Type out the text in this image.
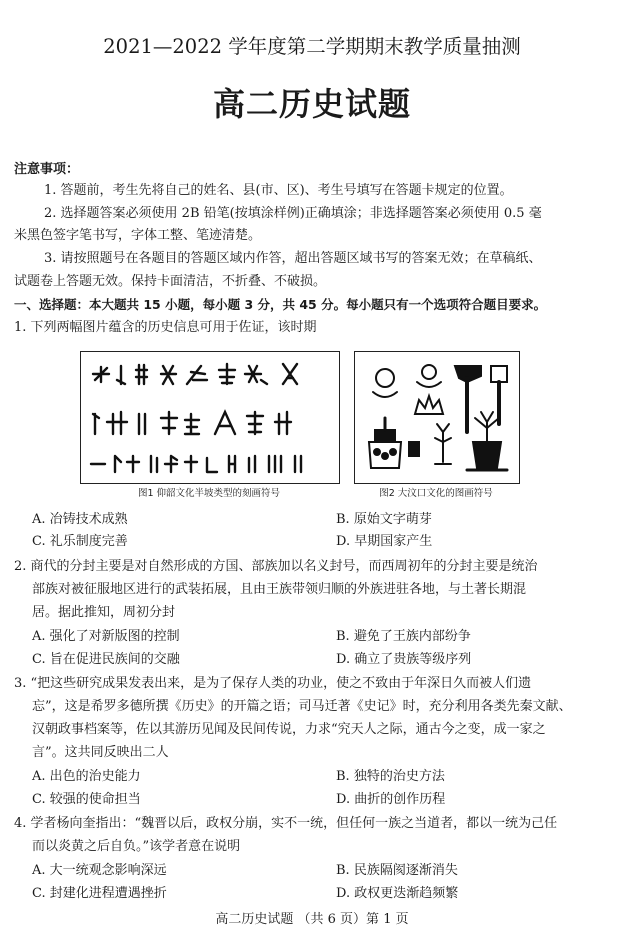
2021—2022 学年度第二学期期末教学质量抽测
高二历史试题
注意事项：
1. 答题前，考生先将自己的姓名、县(市、区)、考生号填写在答题卡规定的位置。
2. 选择题答案必须使用 2B 铅笔(按填涂样例)正确填涂；非选择题答案必须使用 0.5 毫
米黑色签字笔书写，字体工整、笔迹清楚。
3. 请按照题号在各题目的答题区域内作答，超出答题区域书写的答案无效；在草稿纸、
试题卷上答题无效。保持卡面清洁，不折叠、不破损。
一、选择题：本大题共 15 小题，每小题 3 分，共 45 分。每小题只有一个选项符合题目要求。
1. 下列两幅图片蕴含的历史信息可用于佐证，该时期
图1 仰韶文化半坡类型的刻画符号	图2 大汶口文化的图画符号
A. 冶铸技术成熟	B. 原始文字萌芽
C. 礼乐制度完善	D. 早期国家产生
2. 商代的分封主要是对自然形成的方国、部族加以名义封号，而西周初年的分封主要是统治
部族对被征服地区进行的武装拓展，且由王族带领归顺的外族进驻各地，与土著长期混
居。据此推知，周初分封
A. 强化了对新版图的控制	B. 避免了王族内部纷争
C. 旨在促进民族间的交融	D. 确立了贵族等级序列
3. “把这些研究成果发表出来，是为了保存人类的功业，使之不致由于年深日久而被人们遗
忘”，这是希罗多德所撰《历史》的开篇之语；司马迁著《史记》时，充分利用各类先秦文献、
汉朝政事档案等，佐以其游历见闻及民间传说，力求“究天人之际，通古今之变，成一家之
言”。这共同反映出二人
A. 出色的治史能力	B. 独特的治史方法
C. 较强的使命担当	D. 曲折的创作历程
4. 学者杨向奎指出：“魏晋以后，政权分崩，实不一统，但任何一族之当道者，都以一统为己任
而以炎黄之后自负。”该学者意在说明
A. 大一统观念影响深远	B. 民族隔阂逐渐消失
C. 封建化进程遭遇挫折	D. 政权更迭渐趋频繁
高二历史试题 （共 6 页）第 1 页
